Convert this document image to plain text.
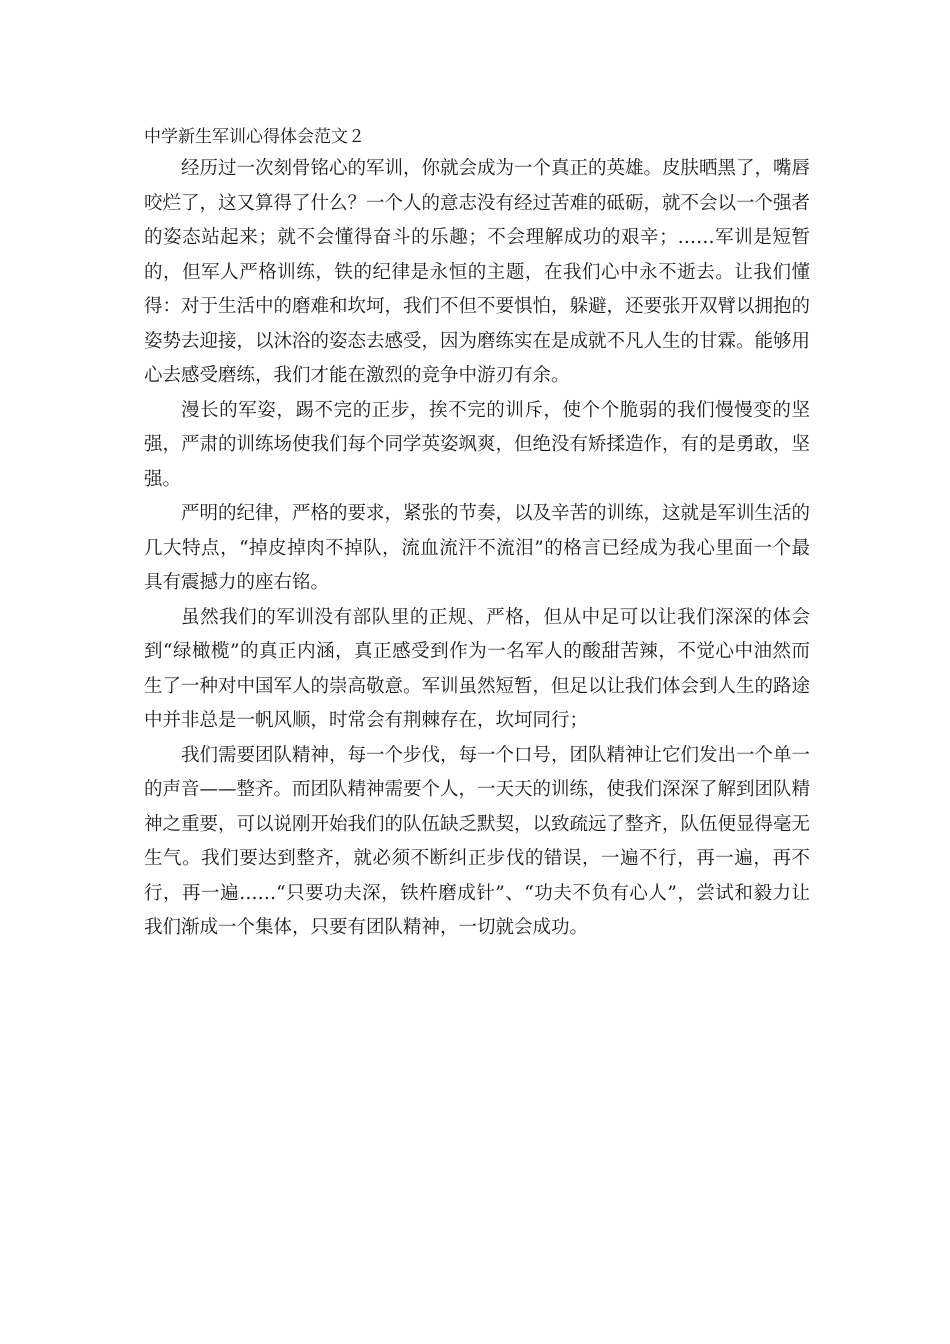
中学新生军训心得体会范文２

经历过一次刻骨铭心的军训，你就会成为一个真正的英雄。皮肤晒黑了，嘴唇咬烂了，这又算得了什么？一个人的意志没有经过苦难的砥砺，就不会以一个强者的姿态站起来；就不会懂得奋斗的乐趣；不会理解成功的艰辛；……军训是短暂的，但军人严格训练，铁的纪律是永恒的主题，在我们心中永不逝去。让我们懂得：对于生活中的磨难和坎坷，我们不但不要惧怕，躲避，还要张开双臂以拥抱的姿势去迎接，以沐浴的姿态去感受，因为磨练实在是成就不凡人生的甘霖。能够用心去感受磨练，我们才能在激烈的竞争中游刃有余。

漫长的军姿，踢不完的正步，挨不完的训斥，使个个脆弱的我们慢慢变的坚强，严肃的训练场使我们每个同学英姿飒爽，但绝没有矫揉造作，有的是勇敢，坚强。

严明的纪律，严格的要求，紧张的节奏，以及辛苦的训练，这就是军训生活的几大特点，“掉皮掉肉不掉队，流血流汗不流泪”的格言已经成为我心里面一个最具有震撼力的座右铭。

虽然我们的军训没有部队里的正规、严格，但从中足可以让我们深深的体会到“绿橄榄”的真正内涵，真正感受到作为一名军人的酸甜苦辣，不觉心中油然而生了一种对中国军人的崇高敬意。军训虽然短暂，但足以让我们体会到人生的路途中并非总是一帆风顺，时常会有荆棘存在，坎坷同行；

我们需要团队精神，每一个步伐，每一个口号，团队精神让它们发出一个单一的声音——整齐。而团队精神需要个人，一天天的训练，使我们深深了解到团队精神之重要，可以说刚开始我们的队伍缺乏默契，以致疏远了整齐，队伍便显得毫无生气。我们要达到整齐，就必须不断纠正步伐的错误，一遍不行，再一遍，再不行，再一遍……“只要功夫深，铁杵磨成针”、“功夫不负有心人”，尝试和毅力让我们渐成一个集体，只要有团队精神，一切就会成功。
